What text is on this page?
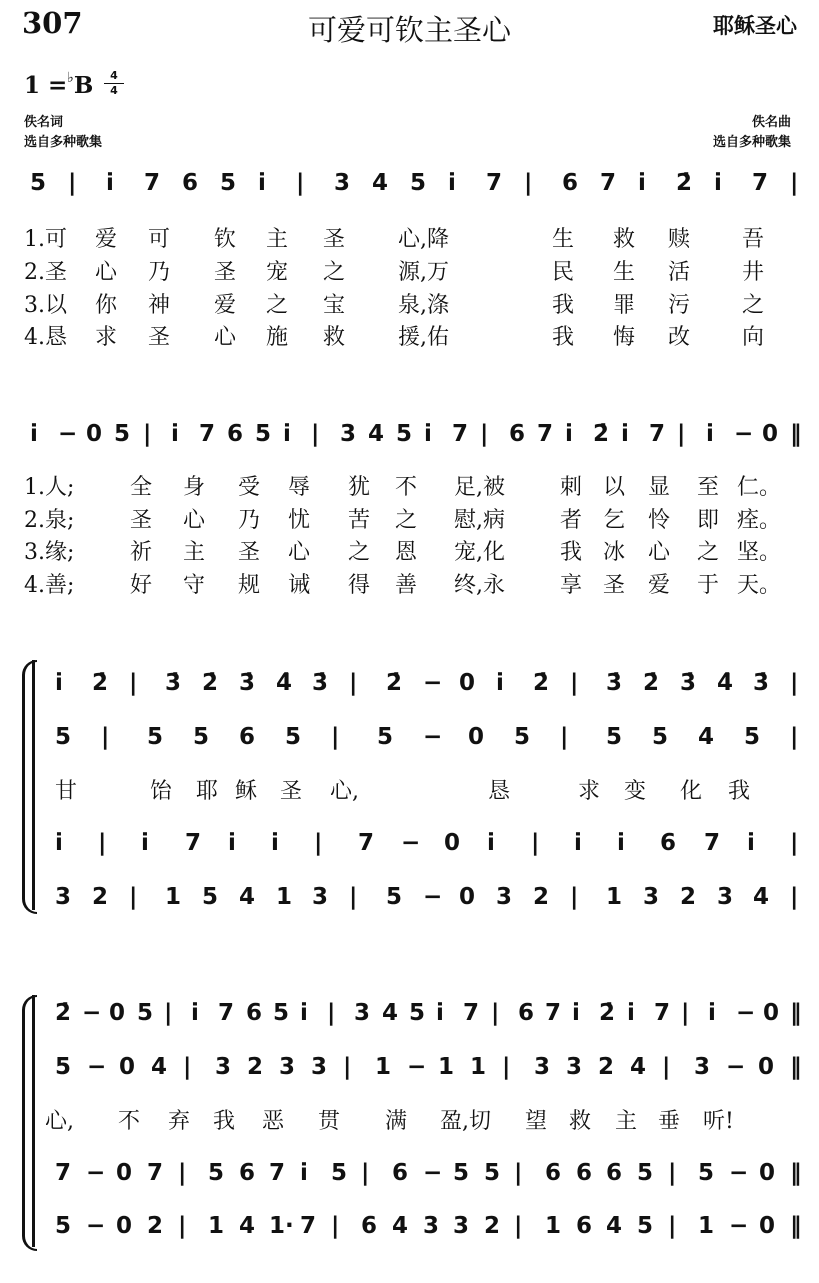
307	可爱可钦主圣心	耶稣圣心
1 =♭B	4
4
佚名词
选自多种歌集
佚名曲
选自多种歌集
5 | i̇ 7 6 5 i̇ | 3 4 5 i̇ 7 | 6 7 i̇ 2̇ i̇ 7 |
1.可 爱 可 钦 主 圣 心,降	生 救 赎 吾
2.圣 心 乃 圣 宠 之 源,万	民 生 活 井
3.以 你 神 爱 之 宝 泉,涤	我 罪 污 之
4.恳 求 圣 心 施 救 援,佑	我 悔 改 向
i̇ − 0 5 | i̇ 7 6 5 i̇ | 3 4 5 i̇ 7 | 6 7 i̇ 2̇ i̇ 7 | i̇ − 0 ‖
1.人;	全 身 受 辱 犹 不 足,被	刺 以 显 至 仁。
2.泉;	圣 心 乃 忧 苦 之 慰,病	者 乞 怜 即 痊。
3.缘;	祈 主 圣 心 之 恩 宠,化	我 冰 心 之 坚。
4.善;	好 守 规 诫 得 善 终,永	享 圣 爱 于 天。
i̇ 2̇ | 3̇ 2̇ 3̇ 4̇ 3̇ | 2̇ − 0 i̇ 2̇ | 3̇ 2̇ 3̇ 4̇ 3̇ |
5 | 5 5 6 5 | 5 − 0 5 | 5 5 4 5 |
甘	饴 耶 稣 圣 心,	恳	求 变 化 我
i̇ | i̇ 7 i̇ i̇ | 7 − 0 i̇ | i̇ i̇ 6 7 i̇ |
3 2 | 1 5 4 1 3 | 5 − 0 3 2 | 1 3 2 3 4 |
2̇ − 0 5 | i̇ 7 6 5 i̇ | 3 4 5 i̇ 7 | 6 7 i̇ 2̇ i̇ 7 | i̇ − 0 ‖
5 − 0 4 | 3 2 3 3 | 1 − 1 1 | 3 3 2 4 | 3 − 0 ‖
心, 不 弃 我 恶 贯 满 盈,切 望 救 主 垂 听!
7 − 0 7 | 5 6 7 i̇ 5 | 6 − 5 5 | 6 6 6 5 | 5 − 0 ‖
5 − 0 2 | 1 4 1· 7 | 6 4 3 3 2 | 1 6 4 5 | 1 − 0 ‖
